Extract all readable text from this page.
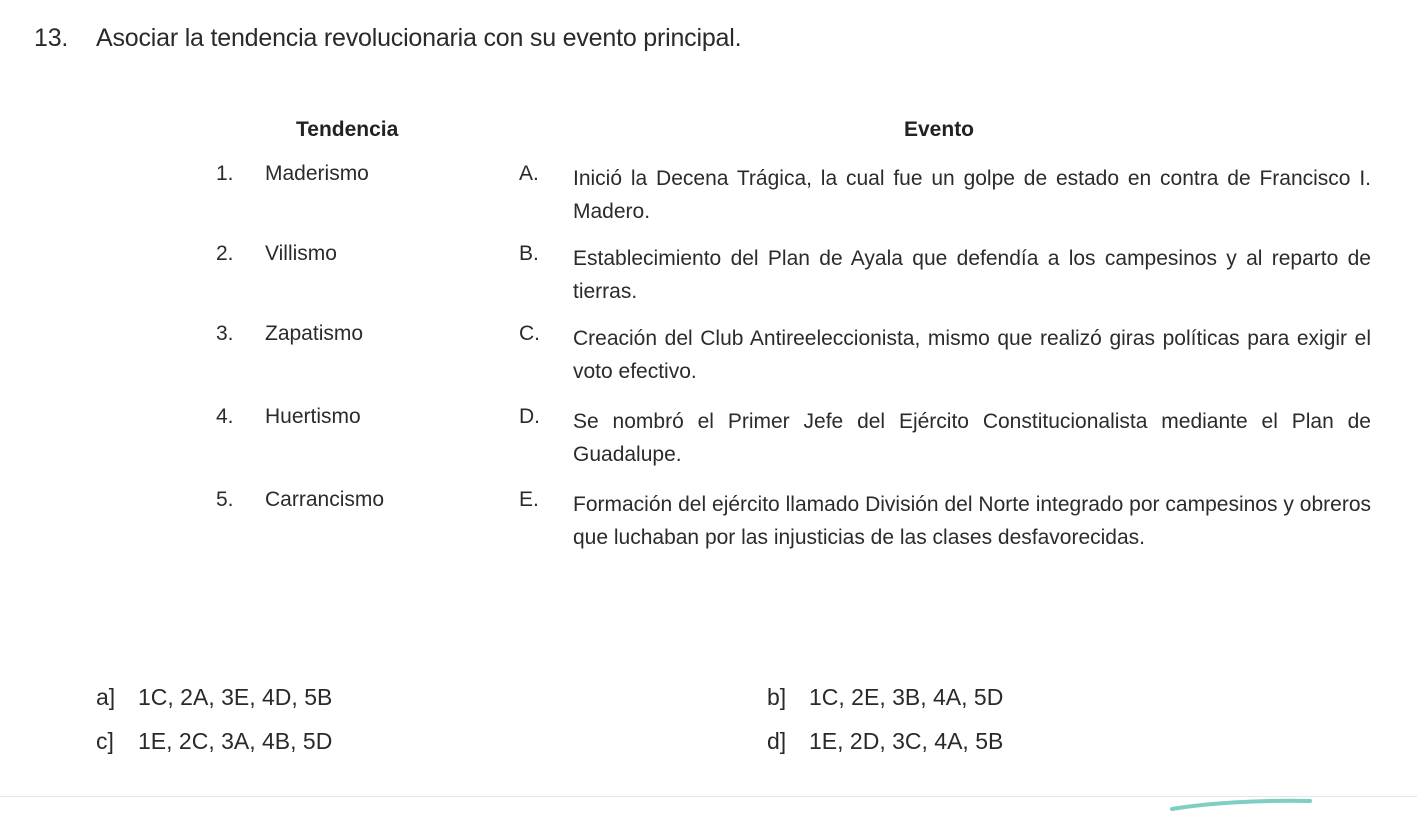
13. Asociar la tendencia revolucionaria con su evento principal.
Tendencia	Evento
1.	Maderismo	A. Inició la Decena Trágica, la cual fue un golpe de estado en contra de Francisco I. Madero.
2.	Villismo	B. Establecimiento del Plan de Ayala que defendía a los campesinos y al reparto de tierras.
3.	Zapatismo	C. Creación del Club Antireeleccionista, mismo que realizó giras políticas para exigir el voto efectivo.
4.	Huertismo	D. Se nombró el Primer Jefe del Ejército Constitucionalista mediante el Plan de Guadalupe.
5.	Carrancismo	E. Formación del ejército llamado División del Norte integrado por campesinos y obreros que luchaban por las injusticias de las clases desfavorecidas.
a] 1C, 2A, 3E, 4D, 5B	b] 1C, 2E, 3B, 4A, 5D
c] 1E, 2C, 3A, 4B, 5D	d] 1E, 2D, 3C, 4A, 5B
